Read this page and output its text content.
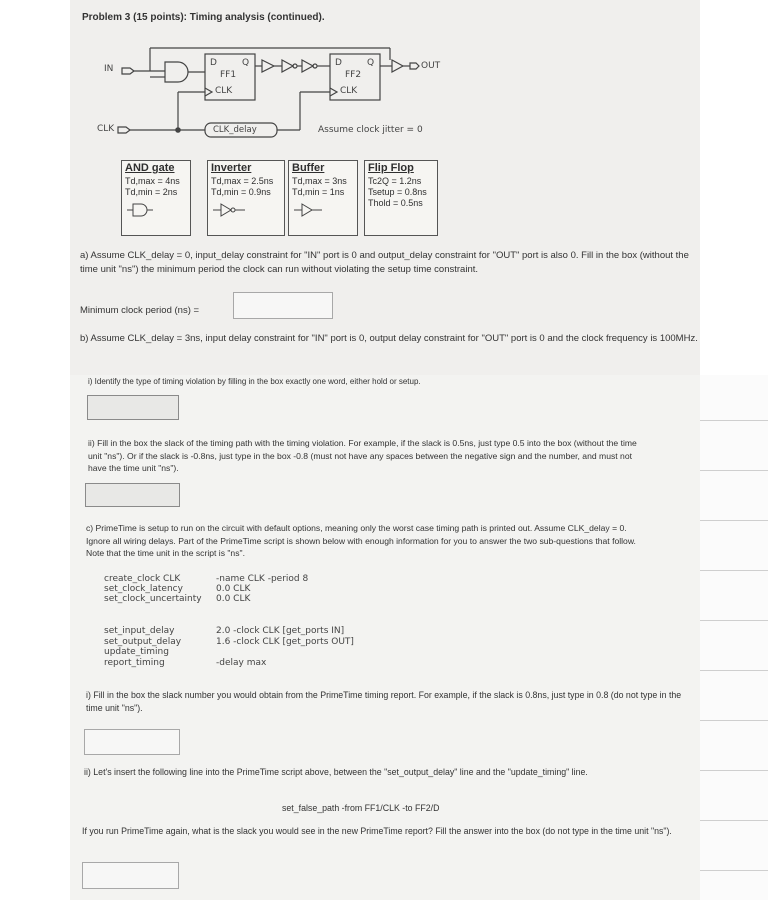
Problem 3 (15 points): Timing analysis (continued).
IN	OUT
CLK
D	Q
FF1
CLK
D	Q
FF2
CLK
CLK_delay	Assume clock jitter = 0
AND gate
Td,max = 4ns
Td,min = 2ns
Inverter
Td,max = 2.5ns
Td,min = 0.9ns
Buffer
Td,max = 3ns
Td,min = 1ns
Flip Flop
Tc2Q = 1.2ns
Tsetup = 0.8ns
Thold = 0.5ns
a) Assume CLK_delay = 0, input_delay constraint for "IN" port is 0 and output_delay constraint for "OUT" port is also 0. Fill in the box (without the time unit "ns") the minimum period the clock can run without violating the setup time constraint.
Minimum clock period (ns) =
b) Assume CLK_delay = 3ns, input delay constraint for "IN" port is 0, output delay constraint for "OUT" port is 0 and the clock frequency is 100MHz.
i) Identify the type of timing violation by filling in the box exactly one word, either hold or setup.
ii) Fill in the box the slack of the timing path with the timing violation. For example, if the slack is 0.5ns, just type 0.5 into the box (without the time unit "ns"). Or if the slack is -0.8ns, just type in the box -0.8 (must not have any spaces between the negative sign and the number, and must not have the time unit "ns").
c) PrimeTime is setup to run on the circuit with default options, meaning only the worst case timing path is printed out. Assume CLK_delay = 0. Ignore all wiring delays. Part of the PrimeTime script is shown below with enough information for you to answer the two sub-questions that follow. Note that the time unit in the script is "ns".
create_clock CLK	-name CLK -period 8
set_clock_latency	0.0 CLK
set_clock_uncertainty	0.0 CLK
set_input_delay	2.0 -clock CLK [get_ports IN]
set_output_delay	1.6 -clock CLK [get_ports OUT]
update_timing
report_timing	-delay max
i) Fill in the box the slack number you would obtain from the PrimeTime timing report. For example, if the slack is 0.8ns, just type in 0.8 (do not type in the time unit "ns").
ii) Let's insert the following line into the PrimeTime script above, between the "set_output_delay" line and the "update_timing" line.
set_false_path -from FF1/CLK -to FF2/D
If you run PrimeTime again, what is the slack you would see in the new PrimeTime report? Fill the answer into the box (do not type in the time unit "ns").
